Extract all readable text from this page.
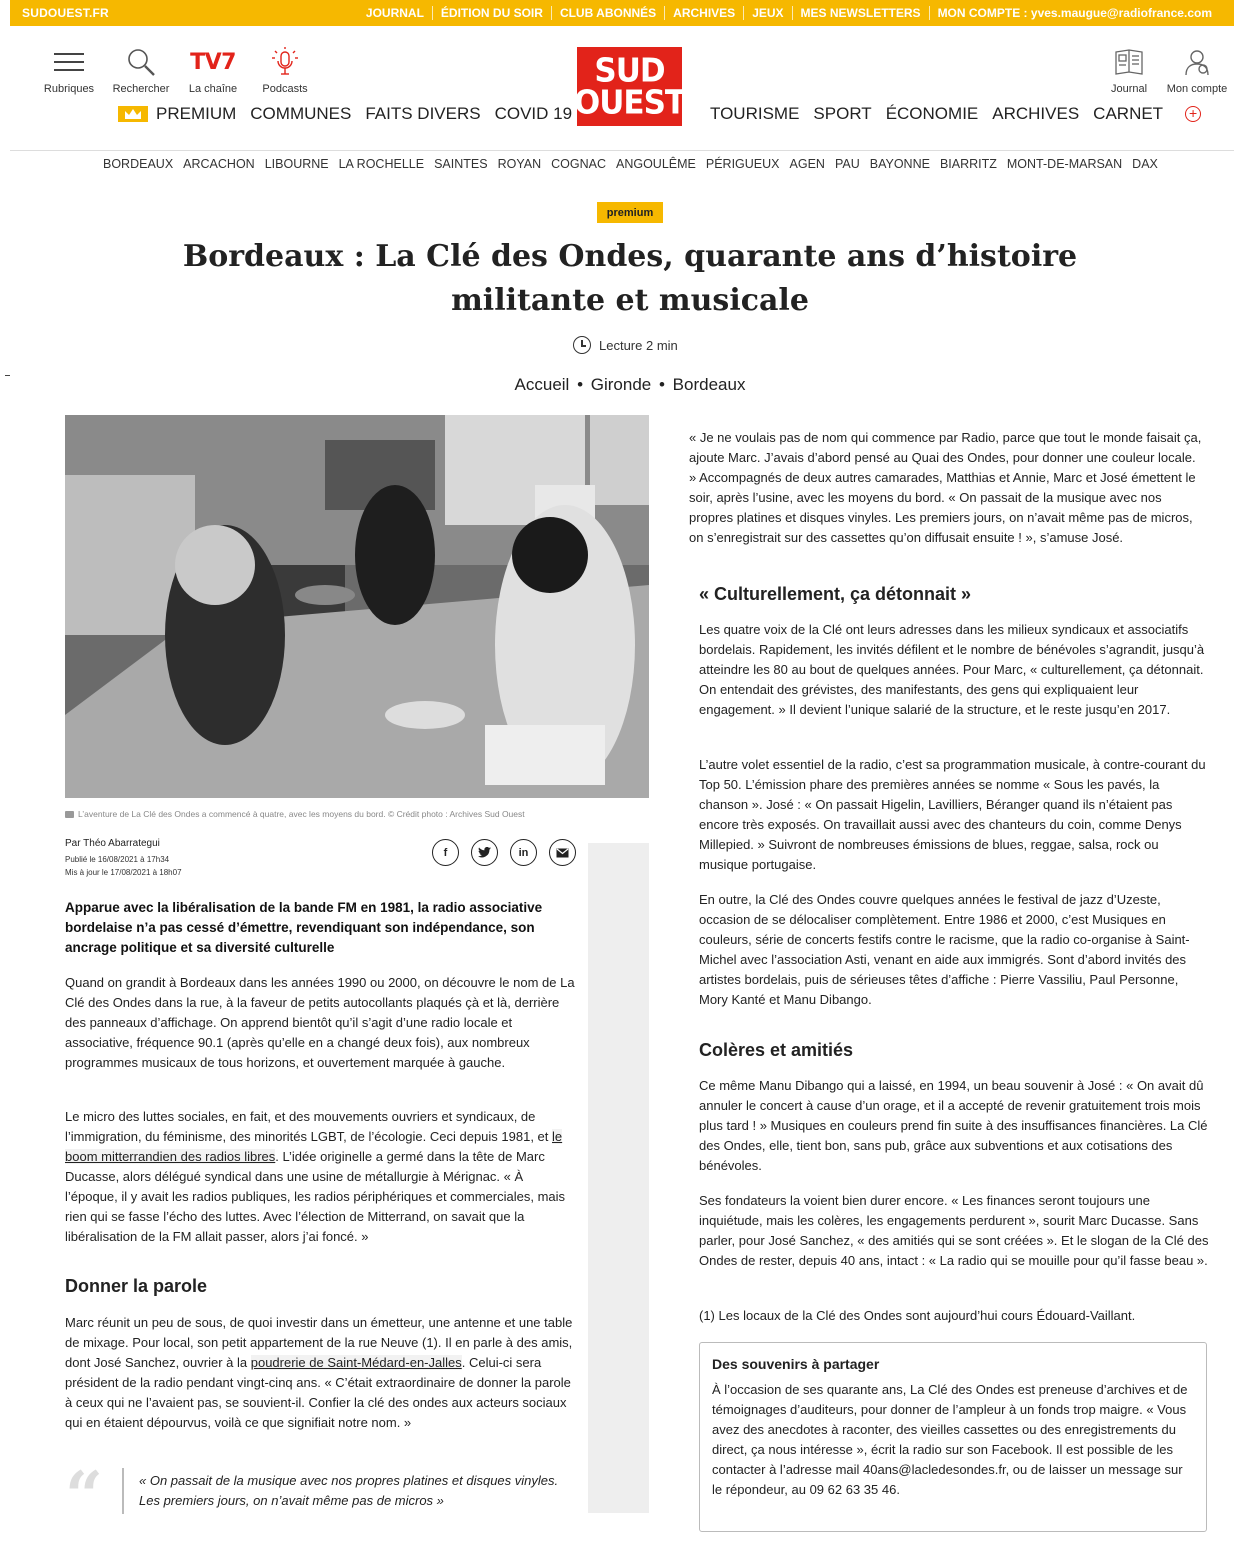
SUDOUEST.FR	JOURNAL	ÉDITION DU SOIR	CLUB ABONNÉS	ARCHIVES	JEUX	MES NEWSLETTERS	MON COMPTE : yves.maugue@radiofrance.com
Rubriques Rechercher
TV7
La chaîne Podcasts	SUD
OUEST	Journal Mon compte
PREMIUM COMMUNES FAITS DIVERS COVID 19	TOURISME SPORT ÉCONOMIE ARCHIVES CARNET +
BORDEAUX ARCACHON LIBOURNE LA ROCHELLE SAINTES ROYAN COGNAC ANGOULÊME PÉRIGUEUX AGEN PAU BAYONNE BIARRITZ MONT-DE-MARSAN DAX
premium
Bordeaux : La Clé des Ondes, quarante ans d’histoire militante et musicale
Lecture 2 min
Accueil • Gironde • Bordeaux
L’aventure de La Clé des Ondes a commencé à quatre, avec les moyens du bord. © Crédit photo : Archives Sud Ouest
Par Théo Abarrategui
Publié le 16/08/2021 à 17h34
Mis à jour le 17/08/2021 à 18h07
f	in

Apparue avec la libéralisation de la bande FM en 1981, la radio associative bordelaise n’a pas cessé d’émettre, revendiquant son indépendance, son ancrage politique et sa diversité culturelle

Quand on grandit à Bordeaux dans les années 1990 ou 2000, on découvre le nom de La Clé des Ondes dans la rue, à la faveur de petits autocollants plaqués çà et là, derrière des panneaux d’affichage. On apprend bientôt qu’il s’agit d’une radio locale et associative, fréquence 90.1 (après qu’elle en a changé deux fois), aux nombreux programmes musicaux de tous horizons, et ouvertement marquée à gauche.

Le micro des luttes sociales, en fait, et des mouvements ouvriers et syndicaux, de l’immigration, du féminisme, des minorités LGBT, de l’écologie. Ceci depuis 1981, et le boom mitterrandien des radios libres. L’idée originelle a germé dans la tête de Marc Ducasse, alors délégué syndical dans une usine de métallurgie à Mérignac. « À l’époque, il y avait les radios publiques, les radios périphériques et commerciales, mais rien qui se fasse l’écho des luttes. Avec l’élection de Mitterrand, on savait que la libéralisation de la FM allait passer, alors j’ai foncé. »

Donner la parole

Marc réunit un peu de sous, de quoi investir dans un émetteur, une antenne et une table de mixage. Pour local, son petit appartement de la rue Neuve (1). Il en parle à des amis, dont José Sanchez, ouvrier à la poudrerie de Saint-Médard-en-Jalles. Celui-ci sera président de la radio pendant vingt-cinq ans. « C’était extraordinaire de donner la parole à ceux qui ne l’avaient pas, se souvient-il. Confier la clé des ondes aux acteurs sociaux qui en étaient dépourvus, voilà ce que signifiait notre nom. »

“	« On passait de la musique avec nos propres platines et disques vinyles. Les premiers jours, on n’avait même pas de micros »

« Je ne voulais pas de nom qui commence par Radio, parce que tout le monde faisait ça, ajoute Marc. J’avais d’abord pensé au Quai des Ondes, pour donner une couleur locale. » Accompagnés de deux autres camarades, Matthias et Annie, Marc et José émettent le soir, après l’usine, avec les moyens du bord. « On passait de la musique avec nos propres platines et disques vinyles. Les premiers jours, on n’avait même pas de micros, on s’enregistrait sur des cassettes qu’on diffusait ensuite ! », s’amuse José.

« Culturellement, ça détonnait »

Les quatre voix de la Clé ont leurs adresses dans les milieux syndicaux et associatifs bordelais. Rapidement, les invités défilent et le nombre de bénévoles s’agrandit, jusqu’à atteindre les 80 au bout de quelques années. Pour Marc, « culturellement, ça détonnait. On entendait des grévistes, des manifestants, des gens qui expliquaient leur engagement. » Il devient l’unique salarié de la structure, et le reste jusqu’en 2017.

L’autre volet essentiel de la radio, c’est sa programmation musicale, à contre-courant du Top 50. L’émission phare des premières années se nomme « Sous les pavés, la chanson ». José : « On passait Higelin, Lavilliers, Béranger quand ils n’étaient pas encore très exposés. On travaillait aussi avec des chanteurs du coin, comme Denys Millepied. » Suivront de nombreuses émissions de blues, reggae, salsa, rock ou musique portugaise.

En outre, la Clé des Ondes couvre quelques années le festival de jazz d’Uzeste, occasion de se délocaliser complètement. Entre 1986 et 2000, c’est Musiques en couleurs, série de concerts festifs contre le racisme, que la radio co-organise à Saint-Michel avec l’association Asti, venant en aide aux immigrés. Sont d’abord invités des artistes bordelais, puis de sérieuses têtes d’affiche : Pierre Vassiliu, Paul Personne, Mory Kanté et Manu Dibango.

Colères et amitiés

Ce même Manu Dibango qui a laissé, en 1994, un beau souvenir à José : « On avait dû annuler le concert à cause d’un orage, et il a accepté de revenir gratuitement trois mois plus tard ! » Musiques en couleurs prend fin suite à des insuffisances financières. La Clé des Ondes, elle, tient bon, sans pub, grâce aux subventions et aux cotisations des bénévoles.

Ses fondateurs la voient bien durer encore. « Les finances seront toujours une inquiétude, mais les colères, les engagements perdurent », sourit Marc Ducasse. Sans parler, pour José Sanchez, « des amitiés qui se sont créées ». Et le slogan de la Clé des Ondes de rester, depuis 40 ans, intact : « La radio qui se mouille pour qu’il fasse beau ».

(1) Les locaux de la Clé des Ondes sont aujourd’hui cours Édouard-Vaillant.

Des souvenirs à partager

À l’occasion de ses quarante ans, La Clé des Ondes est preneuse d’archives et de témoignages d’auditeurs, pour donner de l’ampleur à un fonds trop maigre. « Vous avez des anecdotes à raconter, des vieilles cassettes ou des enregistrements du direct, ça nous intéresse », écrit la radio sur son Facebook. Il est possible de les contacter à l’adresse mail 40ans@lacledesondes.fr, ou de laisser un message sur le répondeur, au 09 62 63 35 46.
